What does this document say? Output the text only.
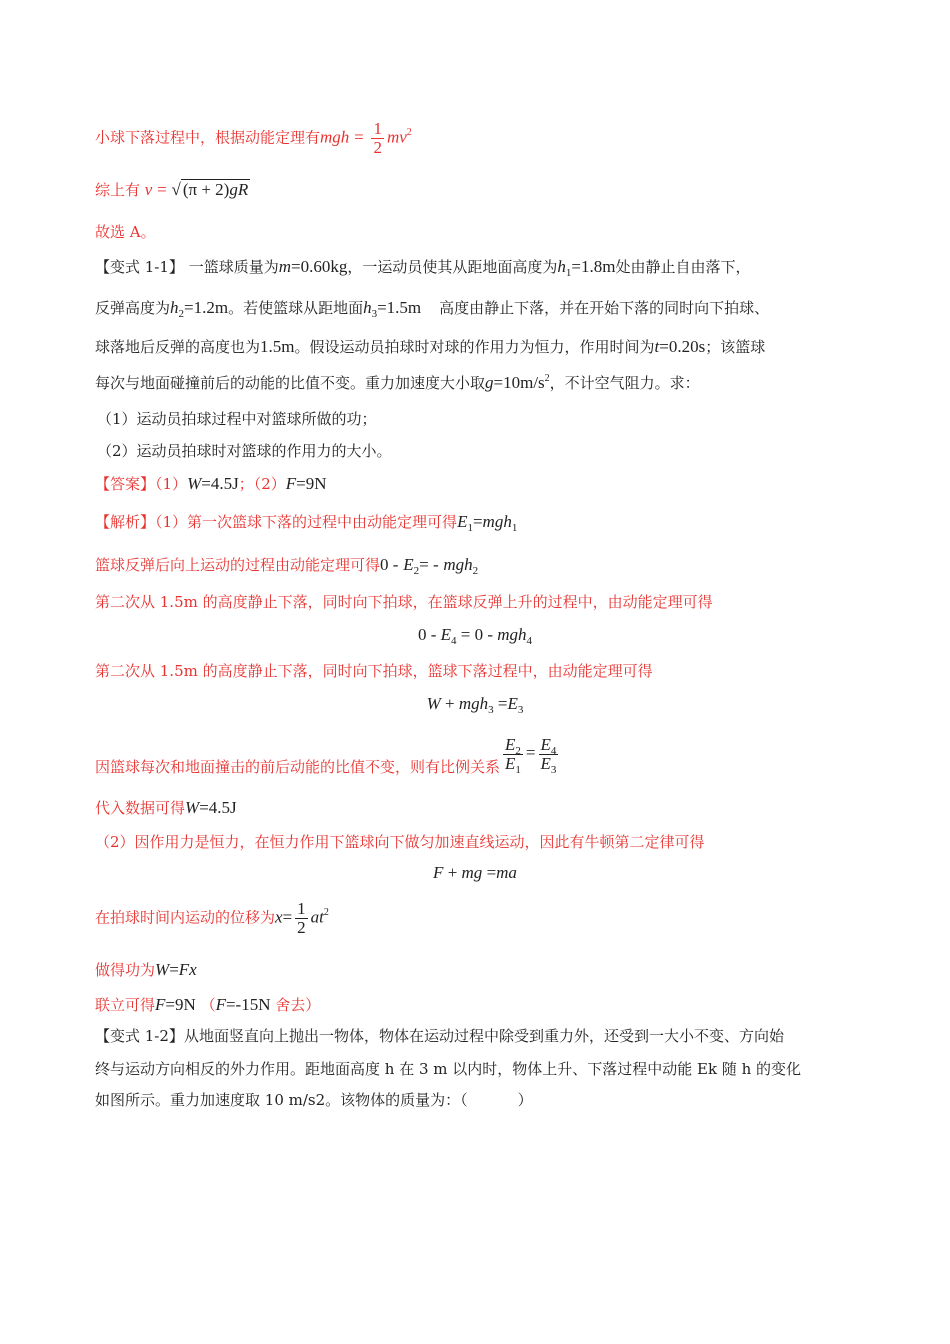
小球下落过程中，根据动能定理有mgh = $\frac{1}{2} mv^2$
综上有 v = √ (π + 2)gR
故选 A。
【变式 1-1】 一篮球质量为m=0.60kg，一运动员使其从距地面高度为$h_1=1.8m$处由静止自由落下，
反弹高度为$h_2=1.2m$。若使篮球从距地面$h_3=1.5m$ 高度由静止下落，并在开始下落的同时向下拍球、
球落地后反弹的高度也为1.5m。假设运动员拍球时对球的作用力为恒力，作用时间为t=0.20s；该篮球
每次与地面碰撞前后的动能的比值不变。重力加速度大小取$g=10m/s^2$，不计空气阻力。求：
（1）运动员拍球过程中对篮球所做的功；
（2）运动员拍球时对篮球的作用力的大小。
【答案】（1）W=4.5J；（2）F=9N
【解析】（1）第一次篮球下落的过程中由动能定理可得$E_1=mgh_1$
篮球反弹后向上运动的过程由动能定理可得$0 - E_2= - mgh_2$
第二次从 1.5m 的高度静止下落，同时向下拍球，在篮球反弹上升的过程中，由动能定理可得
$0 - E_4 = 0 - mgh_4$
第二次从 1.5m 的高度静止下落，同时向下拍球，篮球下落过程中，由动能定理可得
$W + mgh_3 =E_3$
因篮球每次和地面撞击的前后动能的比值不变，则有比例关系 $\frac{E_2}{E_1} = \frac{E_4}{E_3}$
代入数据可得W=4.5J
（2）因作用力是恒力，在恒力作用下篮球向下做匀加速直线运动，因此有牛顿第二定律可得
F + mg =ma
在拍球时间内运动的位移为$x= \frac{1}{2} at^2$
做得功为W=Fx
联立可得F=9N （F=-15N 舍去）
【变式 1-2】从地面竖直向上抛出一物体，物体在运动过程中除受到重力外，还受到一大小不变、方向始
终与运动方向相反的外力作用。距地面高度 h 在 3 m 以内时，物体上升、下落过程中动能 Ek 随 h 的变化
如图所示。重力加速度取 10 m/s2。该物体的质量为：（	）
